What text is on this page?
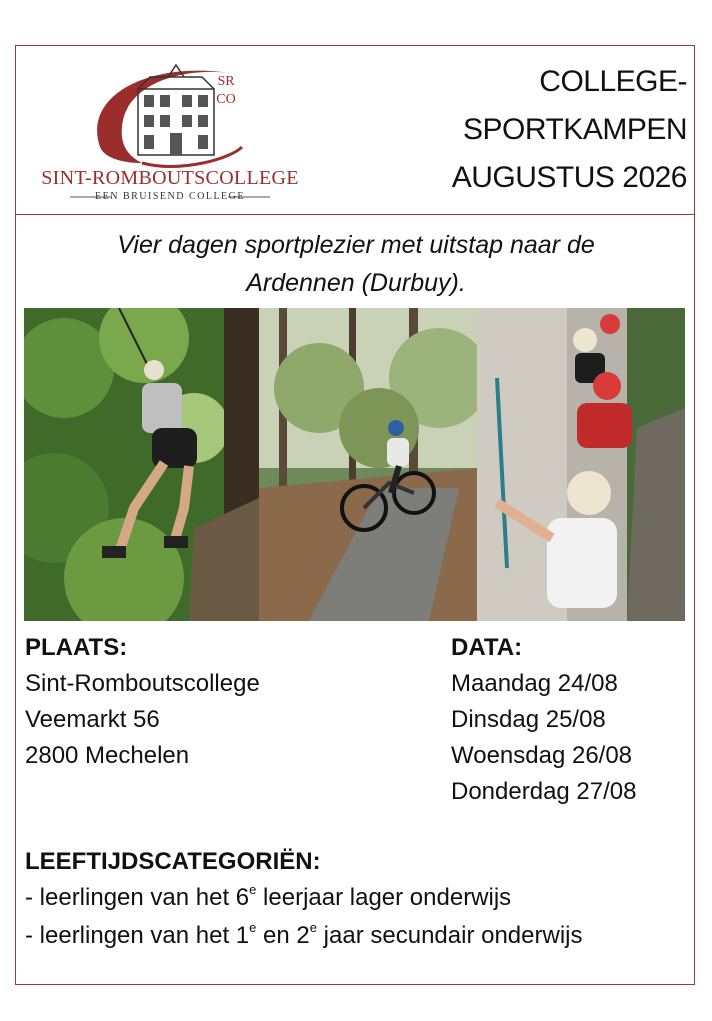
SRCO
SINT-ROMBOUTSCOLLEGE
EEN BRUISEND COLLEGE
COLLEGE-
SPORTKAMPEN
AUGUSTUS 2026
Vier dagen sportplezier met uitstap naar de
Ardennen (Durbuy).
PLAATS:
Sint-Romboutscollege
Veemarkt 56
2800 Mechelen
DATA:
Maandag 24/08
Dinsdag 25/08
Woensdag 26/08
Donderdag 27/08
LEEFTIJDSCATEGORIËN:
- leerlingen van het 6e leerjaar lager onderwijs
- leerlingen van het 1e en 2e jaar secundair onderwijs
